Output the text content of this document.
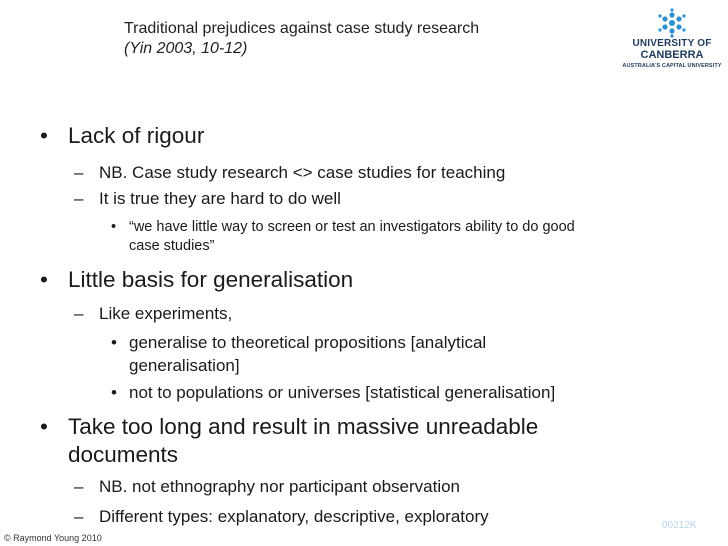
Traditional prejudices against case study research
(Yin 2003, 10-12)	UNIVERSITY OF
CANBERRA
AUSTRALIA'S CAPITAL UNIVERSITY
• Lack of rigour
– NB. Case study research <> case studies for teaching
– It is true they are hard to do well
• “we have little way to screen or test an investigators ability to do good
case studies”
• Little basis for generalisation
– Like experiments,
• generalise to theoretical propositions [analytical
generalisation]
• not to populations or universes [statistical generalisation]
• Take too long and result in massive unreadable
documents
– NB. not ethnography nor participant observation
– Different types: explanatory, descriptive, exploratory	00212K
© Raymond Young 2010
